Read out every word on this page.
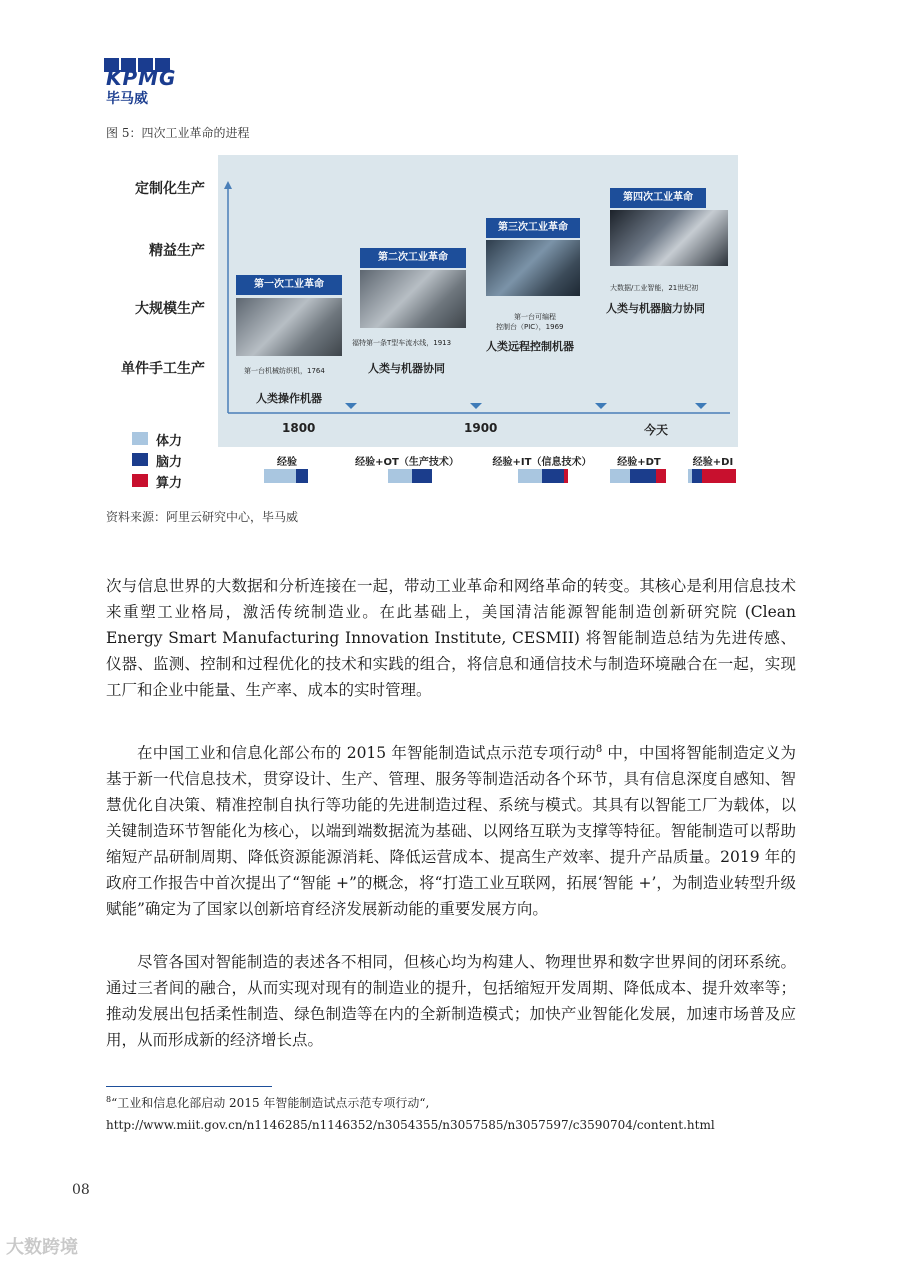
KPMG
毕马威
图 5：四次工业革命的进程
定制化生产
精益生产
大规模生产
单件手工生产
第一次工业革命
第一台机械纺织机，1764
人类操作机器
第二次工业革命
福特第一条T型车流水线，1913
人类与机器协同
第三次工业革命
第一台可编程
控制台（PIC），1969
人类远程控制机器
第四次工业革命
大数据/工业智能，21世纪初
人类与机器脑力协同
1800	1900	今天
体力
脑力
算力
经验	经验+OT（生产技术）	经验+IT（信息技术）	经验+DT	经验+DI
资料来源：阿里云研究中心，毕马威

次与信息世界的大数据和分析连接在一起，带动工业革命和网络革命的转变。其核心是利用信息技术来重塑工业格局，激活传统制造业。在此基础上，美国清洁能源智能制造创新研究院 (Clean Energy Smart Manufacturing Innovation Institute, CESMII) 将智能制造总结为先进传感、仪器、监测、控制和过程优化的技术和实践的组合，将信息和通信技术与制造环境融合在一起，实现工厂和企业中能量、生产率、成本的实时管理。

在中国工业和信息化部公布的 2015 年智能制造试点示范专项行动$^8$ 中，中国将智能制造定义为基于新一代信息技术，贯穿设计、生产、管理、服务等制造活动各个环节，具有信息深度自感知、智慧优化自决策、精准控制自执行等功能的先进制造过程、系统与模式。其具有以智能工厂为载体，以关键制造环节智能化为核心，以端到端数据流为基础、以网络互联为支撑等特征。智能制造可以帮助缩短产品研制周期、降低资源能源消耗、降低运营成本、提高生产效率、提升产品质量。2019 年的政府工作报告中首次提出了“智能 +”的概念，将“打造工业互联网，拓展‘智能 +’，为制造业转型升级赋能”确定为了国家以创新培育经济发展新动能的重要发展方向。

尽管各国对智能制造的表述各不相同，但核心均为构建人、物理世界和数字世界间的闭环系统。通过三者间的融合，从而实现对现有的制造业的提升，包括缩短开发周期、降低成本、提升效率等；推动发展出包括柔性制造、绿色制造等在内的全新制造模式；加快产业智能化发展，加速市场普及应用，从而形成新的经济增长点。

$^8$“工业和信息化部启动 2015 年智能制造试点示范专项行动“,
http://www.miit.gov.cn/n1146285/n1146352/n3054355/n3057585/n3057597/c3590704/content.html
08
大数跨境
